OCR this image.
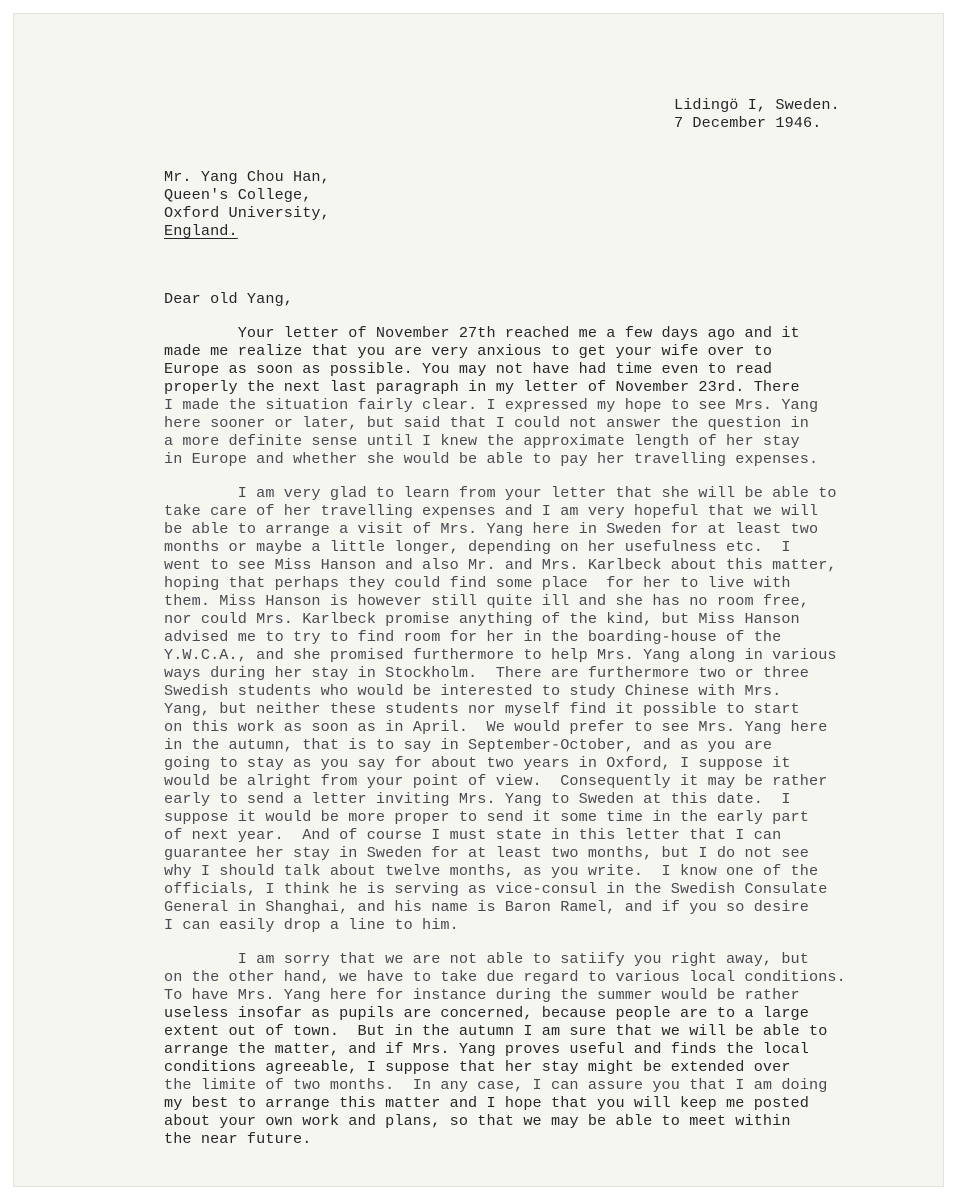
Lidingö I, Sweden.

7 December 1946.

Mr. Yang Chou Han,

Queen's College,

Oxford University,

England.

Dear old Yang,

Your letter of November 27th reached me a few days ago and it

made me realize that you are very anxious to get your wife over to

Europe as soon as possible. You may not have had time even to read

properly the next last paragraph in my letter of November 23rd. There

I made the situation fairly clear. I expressed my hope to see Mrs. Yang

here sooner or later, but said that I could not answer the question in

a more definite sense until I knew the approximate length of her stay

in Europe and whether she would be able to pay her travelling expenses.

I am very glad to learn from your letter that she will be able to

take care of her travelling expenses and I am very hopeful that we will

be able to arrange a visit of Mrs. Yang here in Sweden for at least two

months or maybe a little longer, depending on her usefulness etc.  I

went to see Miss Hanson and also Mr. and Mrs. Karlbeck about this matter,

hoping that perhaps they could find some place  for her to live with

them. Miss Hanson is however still quite ill and she has no room free,

nor could Mrs. Karlbeck promise anything of the kind, but Miss Hanson

advised me to try to find room for her in the boarding-house of the

Y.W.C.A., and she promised furthermore to help Mrs. Yang along in various

ways during her stay in Stockholm.  There are furthermore two or three

Swedish students who would be interested to study Chinese with Mrs.

Yang, but neither these students nor myself find it possible to start

on this work as soon as in April.  We would prefer to see Mrs. Yang here

in the autumn, that is to say in September-October, and as you are

going to stay as you say for about two years in Oxford, I suppose it

would be alright from your point of view.  Consequently it may be rather

early to send a letter inviting Mrs. Yang to Sweden at this date.  I

suppose it would be more proper to send it some time in the early part

of next year.  And of course I must state in this letter that I can

guarantee her stay in Sweden for at least two months, but I do not see

why I should talk about twelve months, as you write.  I know one of the

officials, I think he is serving as vice-consul in the Swedish Consulate

General in Shanghai, and his name is Baron Ramel, and if you so desire

I can easily drop a line to him.

I am sorry that we are not able to satiify you right away, but

on the other hand, we have to take due regard to various local conditions.

To have Mrs. Yang here for instance during the summer would be rather

useless insofar as pupils are concerned, because people are to a large

extent out of town.  But in the autumn I am sure that we will be able to

arrange the matter, and if Mrs. Yang proves useful and finds the local

conditions agreeable, I suppose that her stay might be extended over

the limite of two months.  In any case, I can assure you that I am doing

my best to arrange this matter and I hope that you will keep me posted

about your own work and plans, so that we may be able to meet within

the near future.
